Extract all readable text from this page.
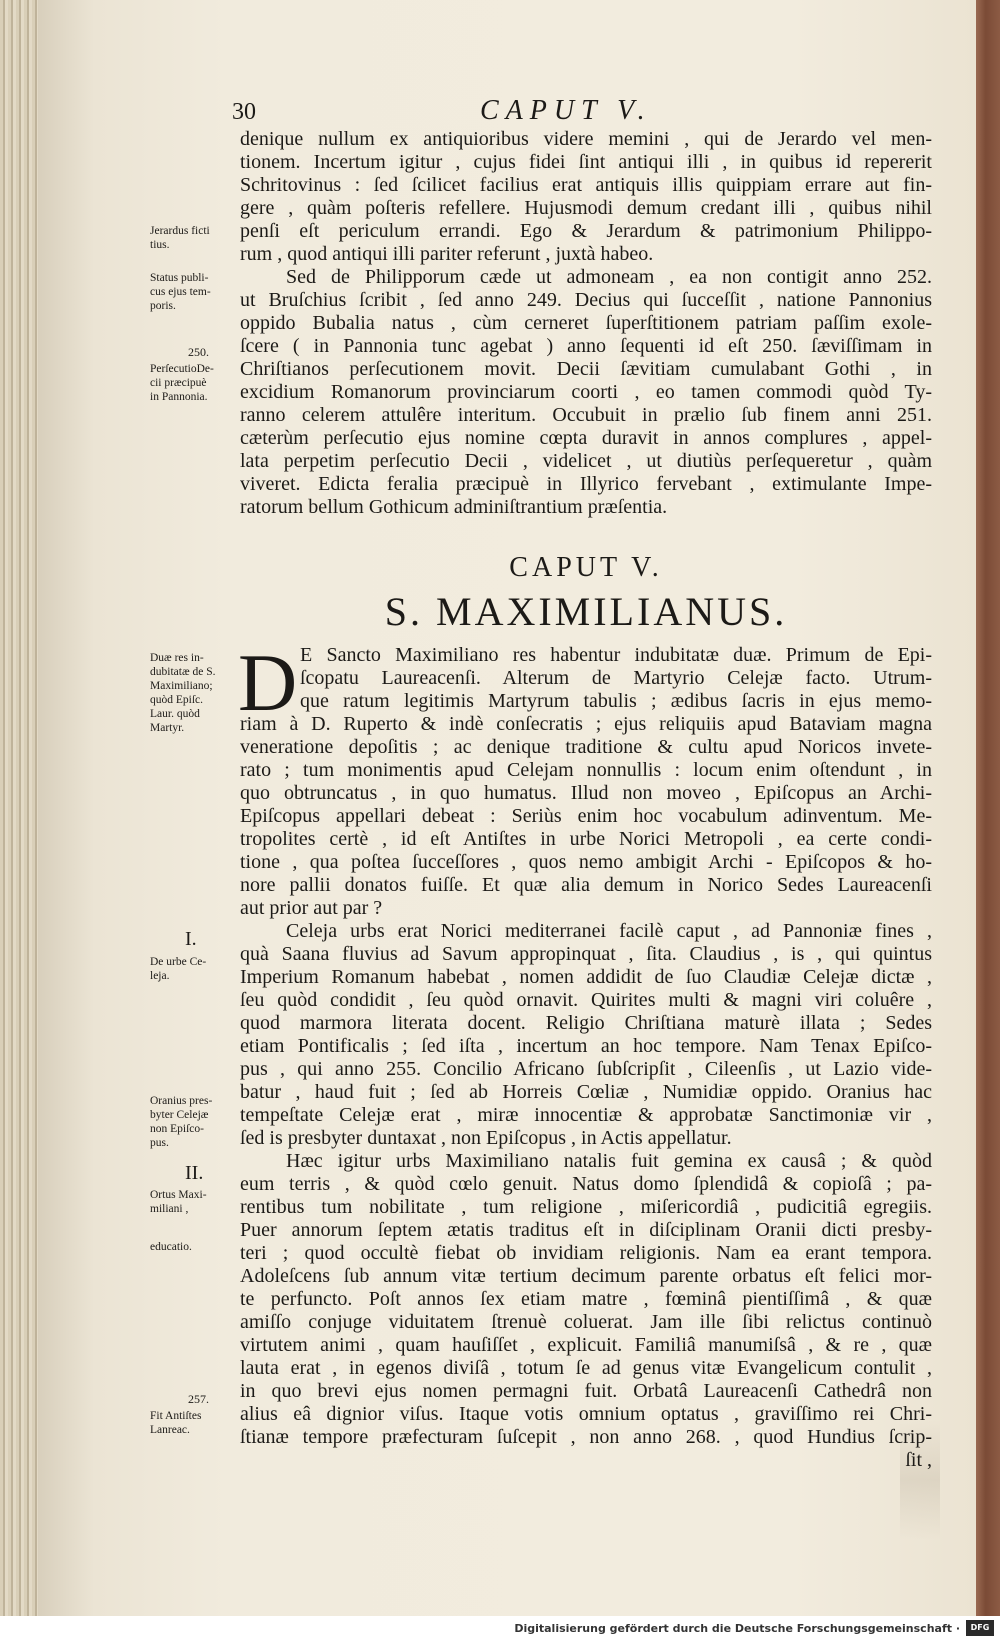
30	CAPUT V.
denique nullum ex antiquioribus videre memini , qui de Jerardo vel men-
tionem. Incertum igitur , cujus fidei ſint antiqui illi , in quibus id repererit
Schritovinus : ſed ſcilicet facilius erat antiquis illis quippiam errare aut fin-
gere , quàm poſteris refellere. Hujusmodi demum credant illi , quibus nihil
penſi eſt periculum errandi. Ego & Jerardum & patrimonium Philippo-
rum , quod antiqui illi pariter referunt , juxtà habeo.
Sed de Philipporum cæde ut admoneam , ea non contigit anno 252.
ut Bruſchius ſcribit , ſed anno 249. Decius qui ſucceſſit , natione Pannonius
oppido Bubalia natus , cùm cerneret ſuperſtitionem patriam paſſim exole-
ſcere ( in Pannonia tunc agebat ) anno ſequenti id eſt 250. ſæviſſimam in
Chriſtianos perſecutionem movit. Decii ſævitiam cumulabant Gothi , in
excidium Romanorum provinciarum coorti , eo tamen commodi quòd Ty-
ranno celerem attulêre interitum. Occubuit in prælio ſub finem anni 251.
cæterùm perſecutio ejus nomine cœpta duravit in annos complures , appel-
lata perpetim perſecutio Decii , videlicet , ut diutiùs perſequeretur , quàm
viveret. Edicta feralia præcipuè in Illyrico fervebant , extimulante Impe-
ratorum bellum Gothicum adminiſtrantium præſentia.
CAPUT V.
S. MAXIMILIANUS.
D E Sancto Maximiliano res habentur indubitatæ duæ. Primum de Epi-
ſcopatu Laureacenſi. Alterum de Martyrio Celejæ facto. Utrum-
que ratum legitimis Martyrum tabulis ; ædibus ſacris in ejus memo-
riam à D. Ruperto & indè conſecratis ; ejus reliquiis apud Bataviam magna
veneratione depoſitis ; ac denique traditione & cultu apud Noricos invete-
rato ; tum monimentis apud Celejam nonnullis : locum enim oſtendunt , in
quo obtruncatus , in quo humatus. Illud non moveo , Epiſcopus an Archi-
Epiſcopus appellari debeat : Seriùs enim hoc vocabulum adinventum. Me-
tropolites certè , id eſt Antiſtes in urbe Norici Metropoli , ea certe condi-
tione , qua poſtea ſucceſſores , quos nemo ambigit Archi - Epiſcopos & ho-
nore pallii donatos fuiſſe. Et quæ alia demum in Norico Sedes Laureacenſi
aut prior aut par ?
Celeja urbs erat Norici mediterranei facilè caput , ad Pannoniæ fines ,
quà Saana fluvius ad Savum appropinquat , ſita. Claudius , is , qui quintus
Imperium Romanum habebat , nomen addidit de ſuo Claudiæ Celejæ dictæ ,
ſeu quòd condidit , ſeu quòd ornavit. Quirites multi & magni viri coluêre ,
quod marmora literata docent. Religio Chriſtiana maturè illata ; Sedes
etiam Pontificalis ; ſed iſta , incertum an hoc tempore. Nam Tenax Epiſco-
pus , qui anno 255. Concilio Africano ſubſcripſit , Cileenſis , ut Lazio vide-
batur , haud fuit ; ſed ab Horreis Cœliæ , Numidiæ oppido. Oranius hac
tempeſtate Celejæ erat , miræ innocentiæ & approbatæ Sanctimoniæ vir ,
ſed is presbyter duntaxat , non Epiſcopus , in Actis appellatur.
Hæc igitur urbs Maximiliano natalis fuit gemina ex causâ ; & quòd
eum terris , & quòd cœlo genuit. Natus domo ſplendidâ & copioſâ ; pa-
rentibus tum nobilitate , tum religione , miſericordiâ , pudicitiâ egregiis.
Puer annorum ſeptem ætatis traditus eſt in diſciplinam Oranii dicti presby-
teri ; quod occultè fiebat ob invidiam religionis. Nam ea erant tempora.
Adoleſcens ſub annum vitæ tertium decimum parente orbatus eſt felici mor-
te perfuncto. Poſt annos ſex etiam matre , fœminâ pientiſſimâ , & quæ
amiſſo conjuge viduitatem ſtrenuè coluerat. Jam ille ſibi relictus continuò
virtutem animi , quam hauſiſſet , explicuit. Familiâ manumiſsâ , & re , quæ
lauta erat , in egenos diviſâ , totum ſe ad genus vitæ Evangelicum contulit ,
in quo brevi ejus nomen permagni fuit. Orbatâ Laureacenſi Cathedrâ non
alius eâ dignior viſus. Itaque votis omnium optatus , graviſſimo rei Chri-
ſtianæ tempore præfecturam ſuſcepit , non anno 268. , quod Hundius ſcrip-
ſit ,
Jerardus ficti
tius.
Status publi-
cus ejus tem-
poris.
250.
PerſecutioDe-
cii præcipuè
in Pannonia.
Duæ res in-
dubitatæ de S.
Maximiliano;
quòd Epiſc.
Laur. quòd
Martyr.
I.
De urbe Ce-
leja.
Oranius pres-
byter Celejæ
non Epiſco-
pus.
II.
Ortus Maxi-
miliani ,
educatio.
257.
Fit Antiſtes
Lanreac.
Digitalisierung gefördert durch die Deutsche Forschungsgemeinschaft ·	DFG
